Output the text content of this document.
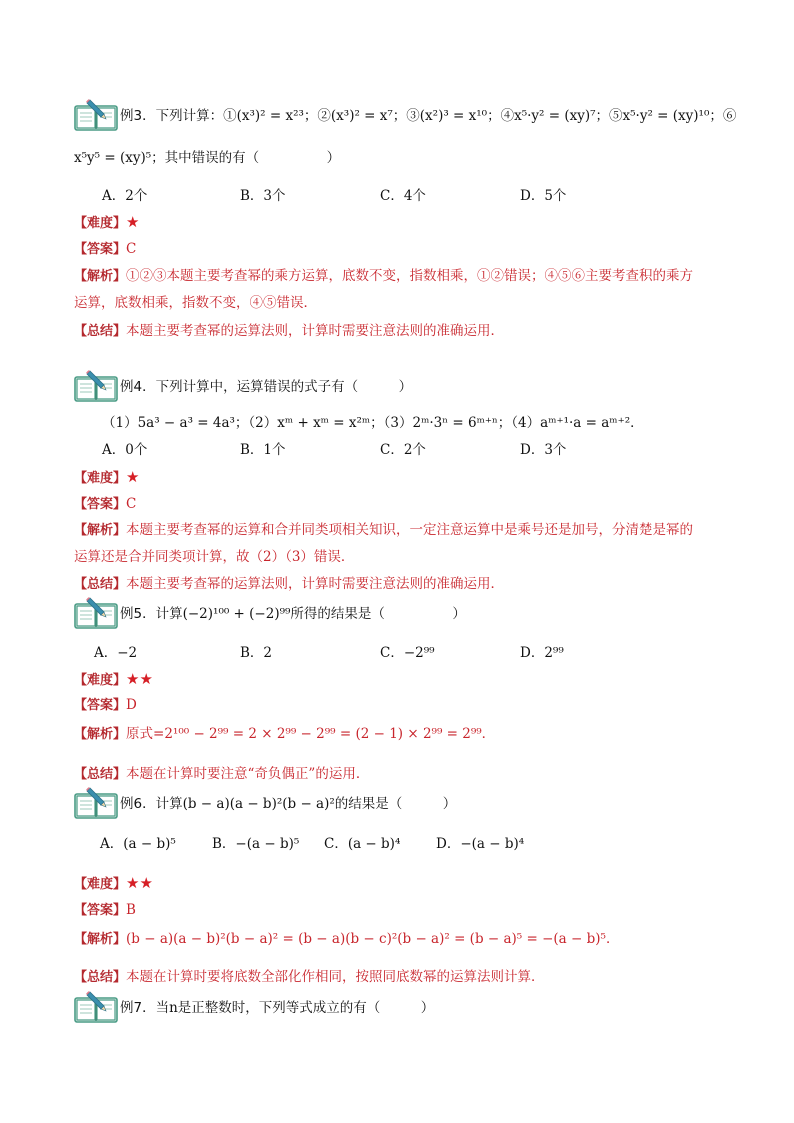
例3．下列计算：①(x³)² = x²³；②(x³)² = x⁷；③(x²)³ = x¹⁰；④x⁵·y² = (xy)⁷；⑤x⁵·y² = (xy)¹⁰；⑥
x⁵y⁵ = (xy)⁵；其中错误的有（　　　　　）
A．2个	B．3个	C．4个	D．5个
【难度】★
【答案】C
【解析】①②③本题主要考查幂的乘方运算，底数不变，指数相乘，①②错误；④⑤⑥主要考查积的乘方
运算，底数相乘，指数不变，④⑤错误．
【总结】本题主要考查幂的运算法则，计算时需要注意法则的准确运用．
例4．下列计算中，运算错误的式子有（　　　）
（1）5a³ − a³ = 4a³；（2）xᵐ + xᵐ = x²ᵐ；（3）2ᵐ·3ⁿ = 6ᵐ⁺ⁿ；（4）aᵐ⁺¹·a = aᵐ⁺²．
A．0个	B．1个	C．2个	D．3个
【难度】★
【答案】C
【解析】本题主要考查幂的运算和合并同类项相关知识，一定注意运算中是乘号还是加号，分清楚是幂的
运算还是合并同类项计算，故（2）（3）错误．
【总结】本题主要考查幂的运算法则，计算时需要注意法则的准确运用．
例5．计算(−2)¹⁰⁰ + (−2)⁹⁹所得的结果是（　　　　　）
A．−2	B．2	C．−2⁹⁹	D．2⁹⁹
【难度】★★
【答案】D
【解析】原式=2¹⁰⁰ − 2⁹⁹ = 2 × 2⁹⁹ − 2⁹⁹ = (2 − 1) × 2⁹⁹ = 2⁹⁹．
【总结】本题在计算时要注意“奇负偶正”的运用．
例6．计算(b − a)(a − b)²(b − a)²的结果是（　　　）
A．(a − b)⁵	B．−(a − b)⁵ C．(a − b)⁴	D．−(a − b)⁴
【难度】★★
【答案】B
【解析】(b − a)(a − b)²(b − a)² = (b − a)(b − c)²(b − a)² = (b − a)⁵ = −(a − b)⁵．
【总结】本题在计算时要将底数全部化作相同，按照同底数幂的运算法则计算．
例7．当n是正整数时，下列等式成立的有（　　　）
